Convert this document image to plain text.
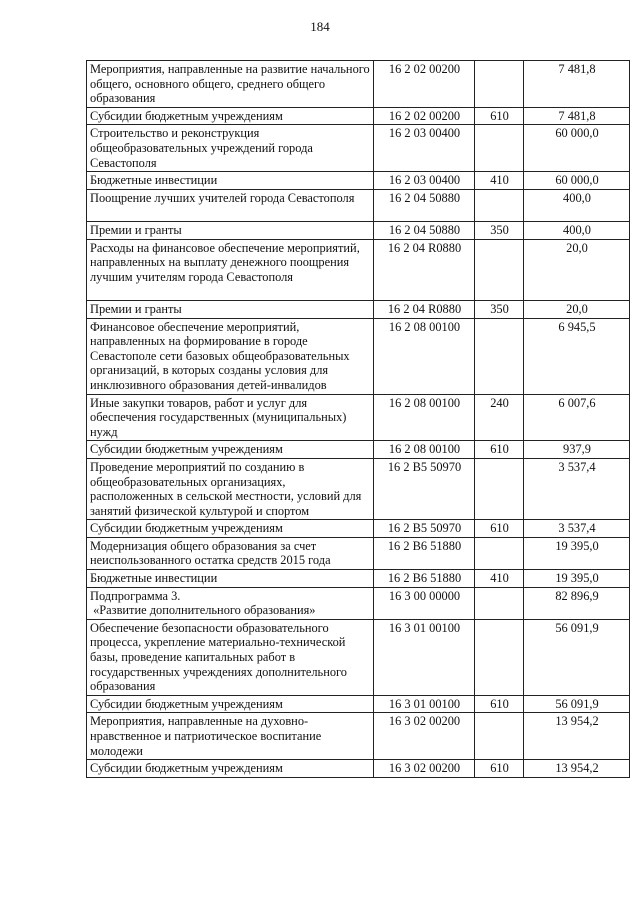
184
Мероприятия, направленные на развитие начального общего, основного общего, среднего общего образования	16 2 02 00200		7 481,8
Субсидии бюджетным учреждениям	16 2 02 00200	610	7 481,8
Строительство и реконструкция общеобразовательных учреждений города Севастополя	16 2 03 00400		60 000,0
Бюджетные инвестиции	16 2 03 00400	410	60 000,0
Поощрение лучших учителей города Севастополя	16 2 04 50880		400,0
Премии и гранты	16 2 04 50880	350	400,0
Расходы на финансовое обеспечение мероприятий, направленных на выплату денежного поощрения лучшим учителям города Севастополя	16 2 04 R0880		20,0
Премии и гранты	16 2 04 R0880	350	20,0
Финансовое обеспечение мероприятий, направленных на формирование в городе Севастополе сети базовых общеобразовательных организаций, в которых созданы условия для инклюзивного образования детей-инвалидов	16 2 08 00100		6 945,5
Иные закупки товаров, работ и услуг для обеспечения государственных (муниципальных) нужд	16 2 08 00100	240	6 007,6
Субсидии бюджетным учреждениям	16 2 08 00100	610	937,9
Проведение мероприятий по созданию в общеобразовательных организациях, расположенных в сельской местности, условий для занятий физической культурой и спортом	16 2 B5 50970		3 537,4
Субсидии бюджетным учреждениям	16 2 B5 50970	610	3 537,4
Модернизация общего образования за счет неиспользованного остатка средств 2015 года	16 2 B6 51880		19 395,0
Бюджетные инвестиции	16 2 B6 51880	410	19 395,0
Подпрограмма 3.
«Развитие дополнительного образования»	16 3 00 00000		82 896,9
Обеспечение безопасности образовательного процесса, укрепление материально-технической базы, проведение капитальных работ в государственных учреждениях дополнительного образования	16 3 01 00100		56 091,9
Субсидии бюджетным учреждениям	16 3 01 00100	610	56 091,9
Мероприятия, направленные на духовно-нравственное и патриотическое воспитание молодежи	16 3 02 00200		13 954,2
Субсидии бюджетным учреждениям	16 3 02 00200	610	13 954,2
